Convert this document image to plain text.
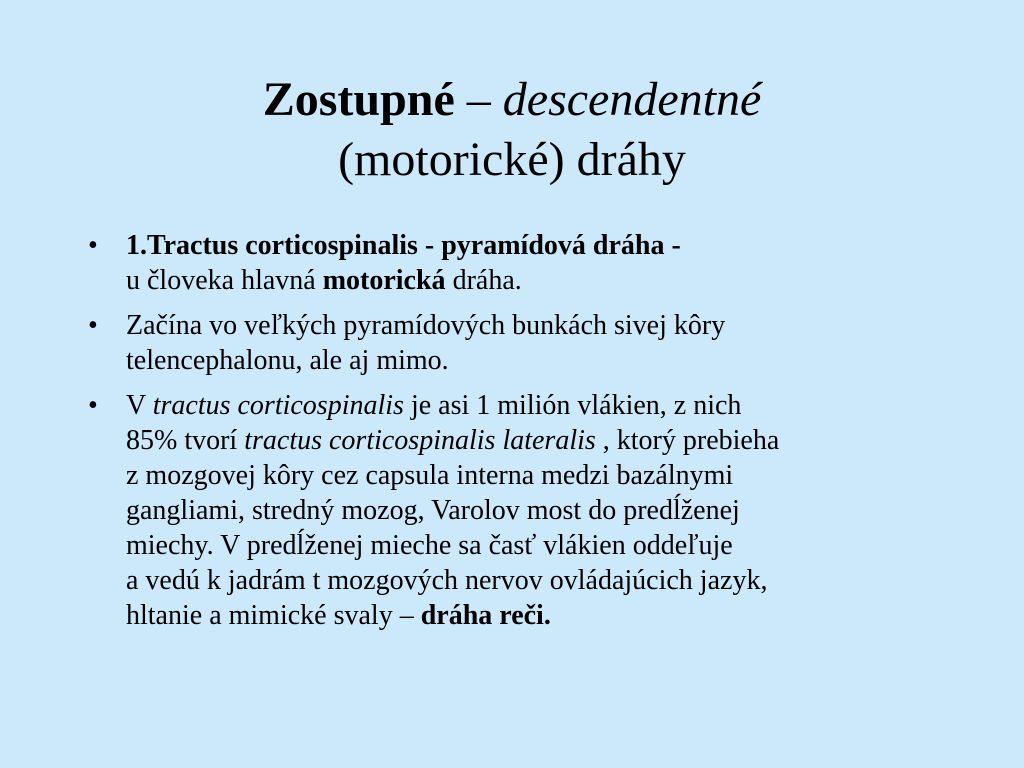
Zostupné – descendentné
(motorické) dráhy
• 1.Tractus corticospinalis - pyramídová dráha -
u človeka hlavná motorická dráha.
• Začína vo veľkých pyramídových bunkách sivej kôry
telencephalonu, ale aj mimo.
• V tractus corticospinalis je asi 1 milión vlákien, z nich
85% tvorí tractus corticospinalis lateralis , ktorý prebieha
z mozgovej kôry cez capsula interna medzi bazálnymi
gangliami, stredný mozog, Varolov most do predĺženej
miechy. V predĺženej mieche sa časť vlákien oddeľuje
a vedú k jadrám t mozgových nervov ovládajúcich jazyk,
hltanie a mimické svaly – dráha reči.
